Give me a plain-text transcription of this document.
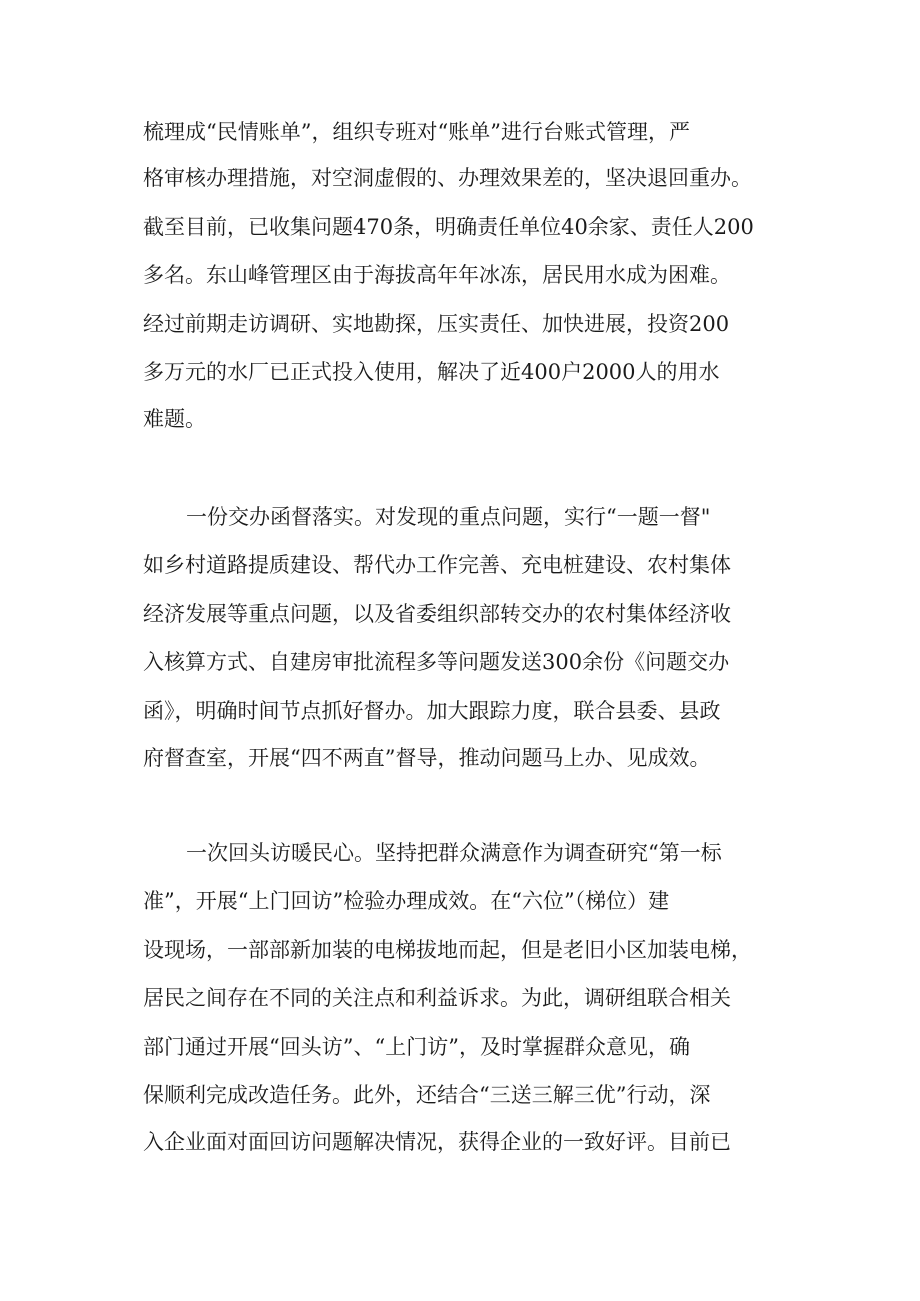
梳理成“民情账单”，组织专班对“账单”进行台账式管理，严
格审核办理措施，对空洞虚假的、办理效果差的，坚决退回重办。
截至目前，已收集问题470条，明确责任单位40余家、责任人200
多名。东山峰管理区由于海拔高年年冰冻，居民用水成为困难。
经过前期走访调研、实地勘探，压实责任、加快进展，投资200
多万元的水厂已正式投入使用，解决了近400户2000人的用水
难题。
一份交办函督落实。对发现的重点问题，实行“一题一督"
如乡村道路提质建设、帮代办工作完善、充电桩建设、农村集体
经济发展等重点问题，以及省委组织部转交办的农村集体经济收
入核算方式、自建房审批流程多等问题发送300余份《问题交办
函》，明确时间节点抓好督办。加大跟踪力度，联合县委、县政
府督查室，开展“四不两直”督导，推动问题马上办、见成效。
一次回头访暖民心。坚持把群众满意作为调查研究“第一标
准”，开展“上门回访”检验办理成效。在“六位”（梯位）建
设现场，一部部新加装的电梯拔地而起，但是老旧小区加装电梯，
居民之间存在不同的关注点和利益诉求。为此，调研组联合相关
部门通过开展“回头访”、“上门访”，及时掌握群众意见，确
保顺利完成改造任务。此外，还结合“三送三解三优”行动，深
入企业面对面回访问题解决情况，获得企业的一致好评。目前已
